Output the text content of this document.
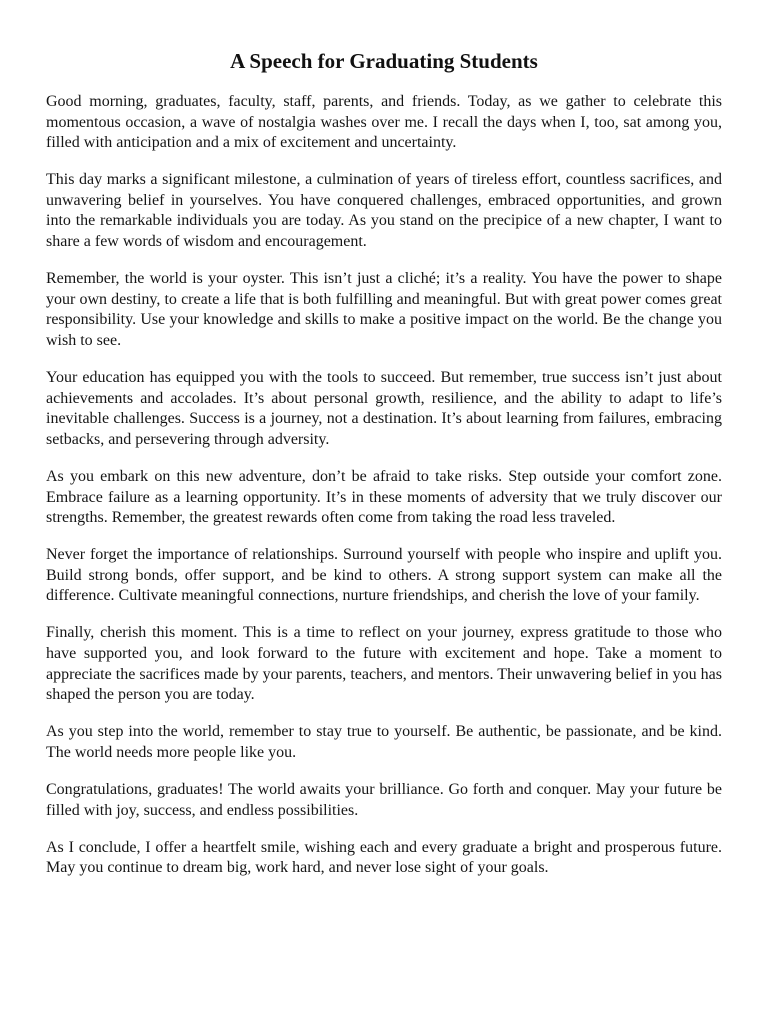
A Speech for Graduating Students

Good morning, graduates, faculty, staff, parents, and friends. Today, as we gather to celebrate this momentous occasion, a wave of nostalgia washes over me. I recall the days when I, too, sat among you, filled with anticipation and a mix of excitement and uncertainty.

This day marks a significant milestone, a culmination of years of tireless effort, countless sacrifices, and unwavering belief in yourselves. You have conquered challenges, embraced opportunities, and grown into the remarkable individuals you are today. As you stand on the precipice of a new chapter, I want to share a few words of wisdom and encouragement.

Remember, the world is your oyster. This isn’t just a cliché; it’s a reality. You have the power to shape your own destiny, to create a life that is both fulfilling and meaningful. But with great power comes great responsibility. Use your knowledge and skills to make a positive impact on the world. Be the change you wish to see.

Your education has equipped you with the tools to succeed. But remember, true success isn’t just about achievements and accolades. It’s about personal growth, resilience, and the ability to adapt to life’s inevitable challenges. Success is a journey, not a destination. It’s about learning from failures, embracing setbacks, and persevering through adversity.

As you embark on this new adventure, don’t be afraid to take risks. Step outside your comfort zone. Embrace failure as a learning opportunity. It’s in these moments of adversity that we truly discover our strengths. Remember, the greatest rewards often come from taking the road less traveled.

Never forget the importance of relationships. Surround yourself with people who inspire and uplift you. Build strong bonds, offer support, and be kind to others. A strong support system can make all the difference. Cultivate meaningful connections, nurture friendships, and cherish the love of your family.

Finally, cherish this moment. This is a time to reflect on your journey, express gratitude to those who have supported you, and look forward to the future with excitement and hope. Take a moment to appreciate the sacrifices made by your parents, teachers, and mentors. Their unwavering belief in you has shaped the person you are today.

As you step into the world, remember to stay true to yourself. Be authentic, be passionate, and be kind. The world needs more people like you.

Congratulations, graduates! The world awaits your brilliance. Go forth and conquer. May your future be filled with joy, success, and endless possibilities.

As I conclude, I offer a heartfelt smile, wishing each and every graduate a bright and prosperous future. May you continue to dream big, work hard, and never lose sight of your goals.
